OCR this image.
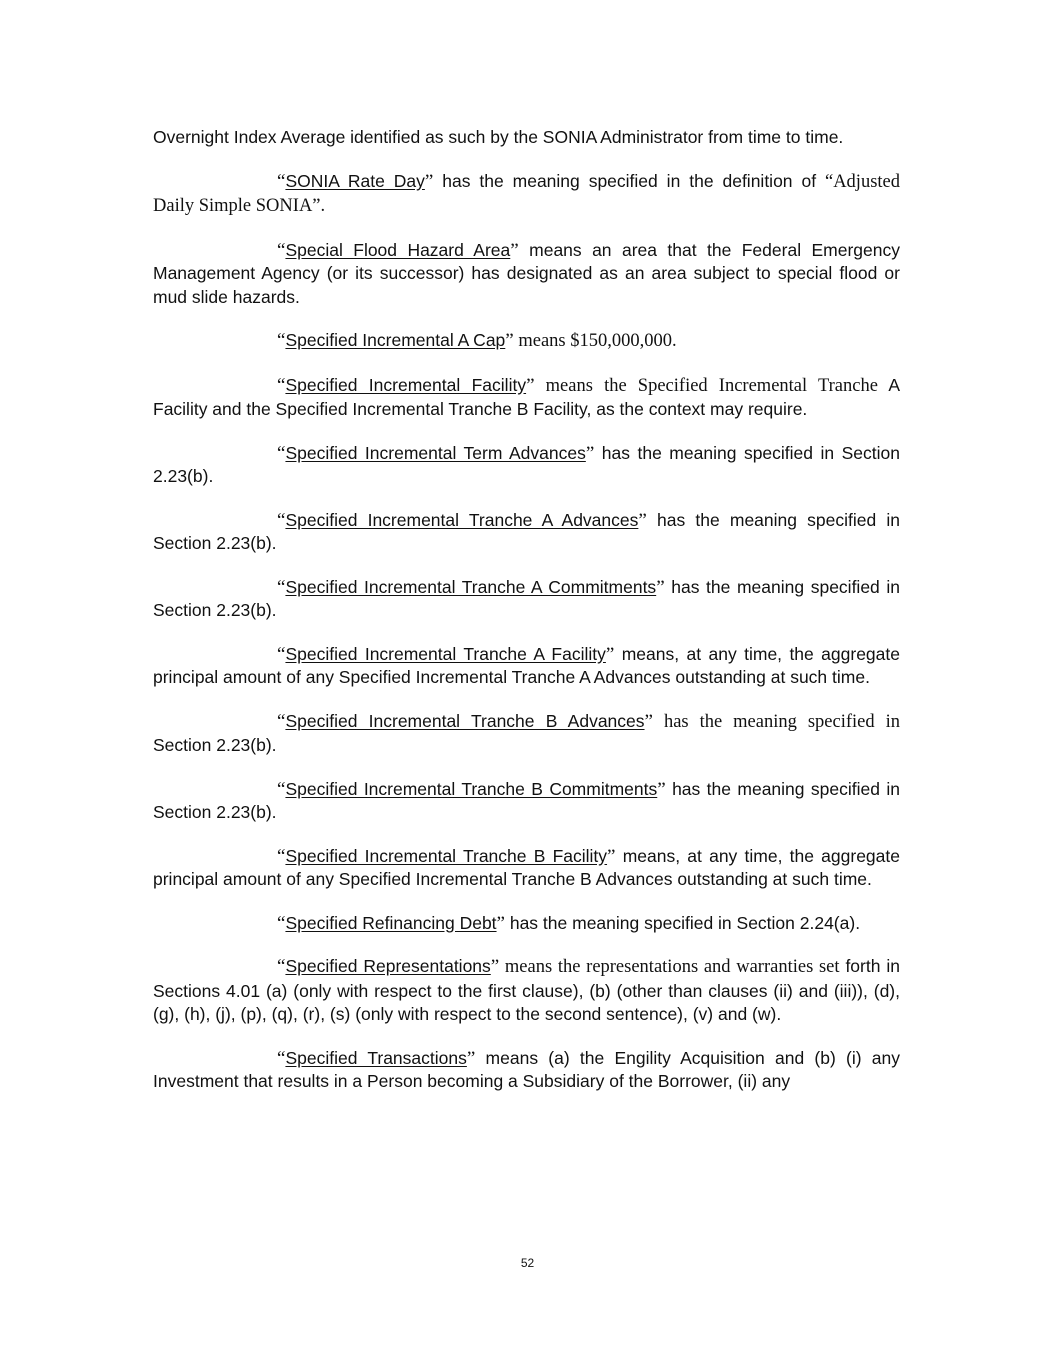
Overnight Index Average identified as such by the SONIA Administrator from time to time.

“SONIA Rate Day” has the meaning specified in the definition of “Adjusted Daily Simple SONIA”.

“Special Flood Hazard Area” means an area that the Federal Emergency Management Agency (or its successor) has designated as an area subject to special flood or mud slide hazards.

“Specified Incremental A Cap” means $150,000,000.

“Specified Incremental Facility” means the Specified Incremental Tranche A Facility and the Specified Incremental Tranche B Facility, as the context may require.

“Specified Incremental Term Advances” has the meaning specified in Section 2.23(b).

“Specified Incremental Tranche A Advances” has the meaning specified in Section 2.23(b).

“Specified Incremental Tranche A Commitments” has the meaning specified in Section 2.23(b).

“Specified Incremental Tranche A Facility” means, at any time, the aggregate principal amount of any Specified Incremental Tranche A Advances outstanding at such time.

“Specified Incremental Tranche B Advances” has the meaning specified in Section 2.23(b).

“Specified Incremental Tranche B Commitments” has the meaning specified in Section 2.23(b).

“Specified Incremental Tranche B Facility” means, at any time, the aggregate principal amount of any Specified Incremental Tranche B Advances outstanding at such time.

“Specified Refinancing Debt” has the meaning specified in Section 2.24(a).

“Specified Representations” means the representations and warranties set forth in Sections 4.01 (a) (only with respect to the first clause), (b) (other than clauses (ii) and (iii)), (d), (g), (h), (j), (p), (q), (r), (s) (only with respect to the second sentence), (v) and (w).

“Specified Transactions” means (a) the Engility Acquisition and (b) (i) any Investment that results in a Person becoming a Subsidiary of the Borrower, (ii) any

52
